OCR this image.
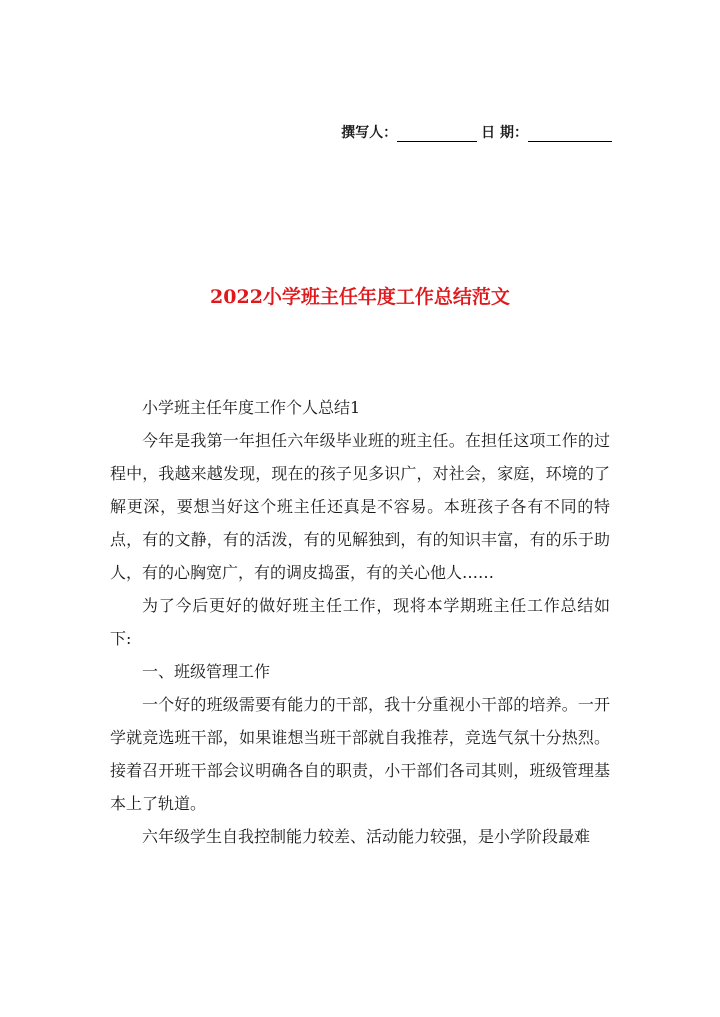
撰写人：	日 期：
2022小学班主任年度工作总结范文

小学班主任年度工作个人总结1

今年是我第一年担任六年级毕业班的班主任。在担任这项工作的过程中，我越来越发现，现在的孩子见多识广，对社会，家庭，环境的了解更深，要想当好这个班主任还真是不容易。本班孩子各有不同的特点，有的文静，有的活泼，有的见解独到，有的知识丰富，有的乐于助人，有的心胸宽广，有的调皮捣蛋，有的关心他人……

为了今后更好的做好班主任工作，现将本学期班主任工作总结如下:

一、班级管理工作

一个好的班级需要有能力的干部，我十分重视小干部的培养。一开学就竞选班干部，如果谁想当班干部就自我推荐，竞选气氛十分热烈。接着召开班干部会议明确各自的职责，小干部们各司其则，班级管理基本上了轨道。

六年级学生自我控制能力较差、活动能力较强，是小学阶段最难
